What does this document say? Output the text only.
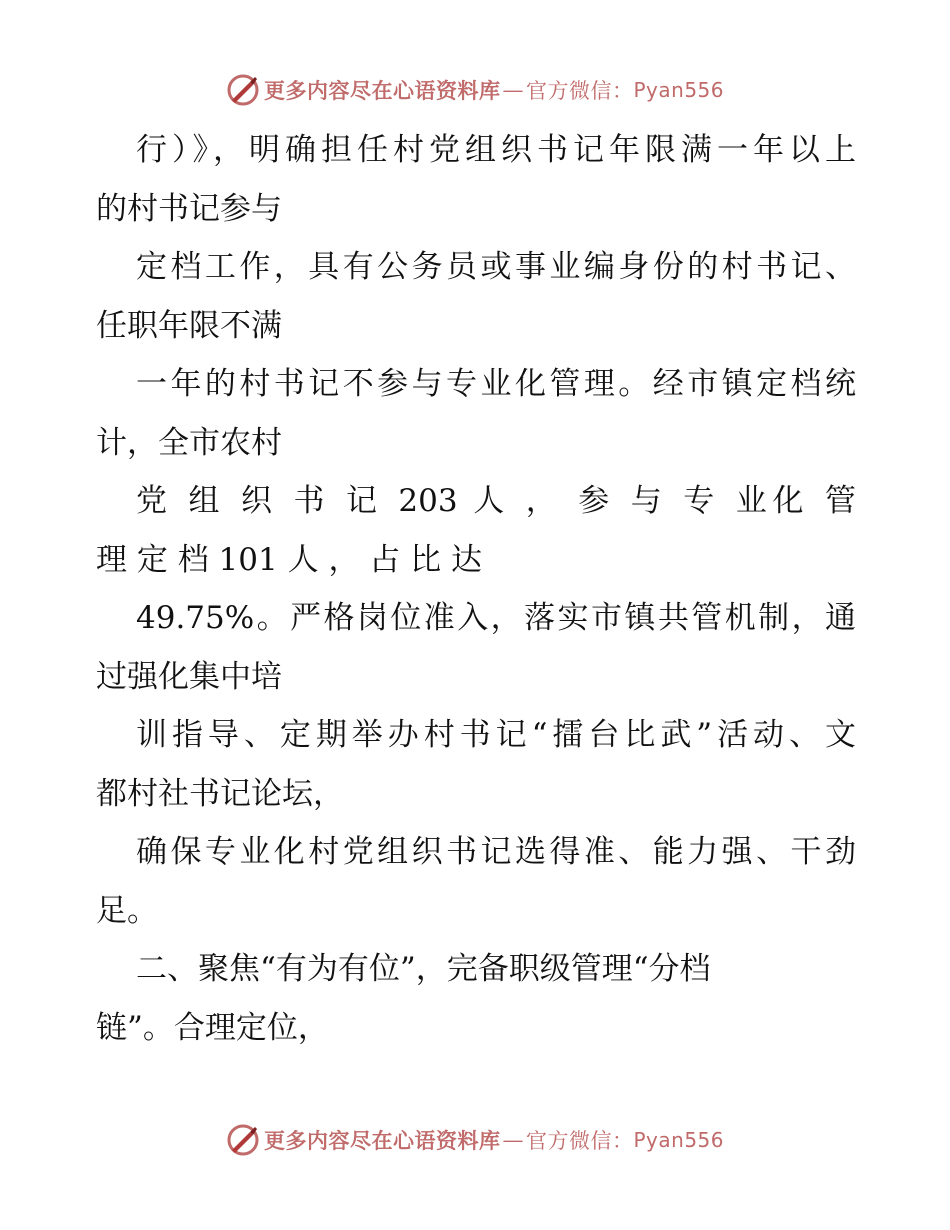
更多内容尽在心语资料库 — 官方微信： Pyan556
行）》，明确担任村党组织书记年限满一年以上
的村书记参与
定档工作，具有公务员或事业编身份的村书记、
任职年限不满
一年的村书记不参与专业化管理。经市镇定档统
计，全市农村
党 组 织 书 记 203 人 ， 参 与 专 业化 管
理 定 档 101 人 ， 占 比 达
49.75%。严格岗位准入，落实市镇共管机制，通
过强化集中培
训指导、定期举办村书记“擂台比武”活动、文
都村社书记论坛，
确保专业化村党组织书记选得准、能力强、干劲
足。
二、聚焦“有为有位”，完备职级管理“分档
链”。合理定位，
更多内容尽在心语资料库 — 官方微信： Pyan556
